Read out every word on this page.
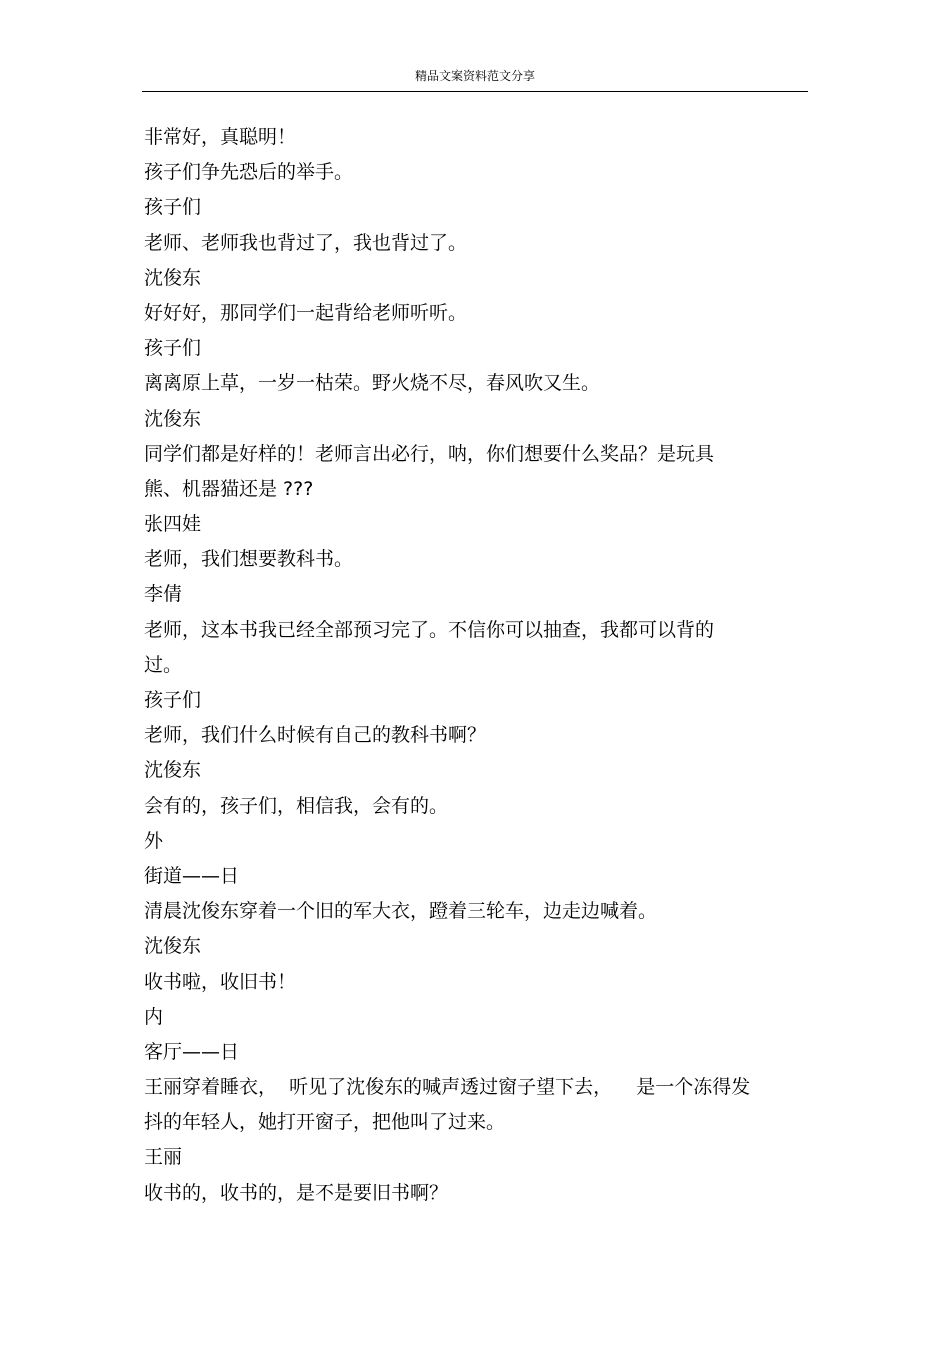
精品文案资料范文分享
非常好，真聪明！
孩子们争先恐后的举手。
孩子们
老师、老师我也背过了，我也背过了。
沈俊东
好好好，那同学们一起背给老师听听。
孩子们
离离原上草，一岁一枯荣。野火烧不尽，春风吹又生。
沈俊东
同学们都是好样的！老师言出必行，呐，你们想要什么奖品？是玩具
熊、机器猫还是 ???
张四娃
老师，我们想要教科书。
李倩
老师，这本书我已经全部预习完了。不信你可以抽查，我都可以背的
过。
孩子们
老师，我们什么时候有自己的教科书啊？
沈俊东
会有的，孩子们，相信我，会有的。
外
街道——日
清晨沈俊东穿着一个旧的军大衣，蹬着三轮车，边走边喊着。
沈俊东
收书啦，收旧书！
内
客厅——日
王丽穿着睡衣，  听见了沈俊东的喊声透过窗子望下去，    是一个冻得发
抖的年轻人，她打开窗子，把他叫了过来。
王丽
收书的，收书的，是不是要旧书啊？
